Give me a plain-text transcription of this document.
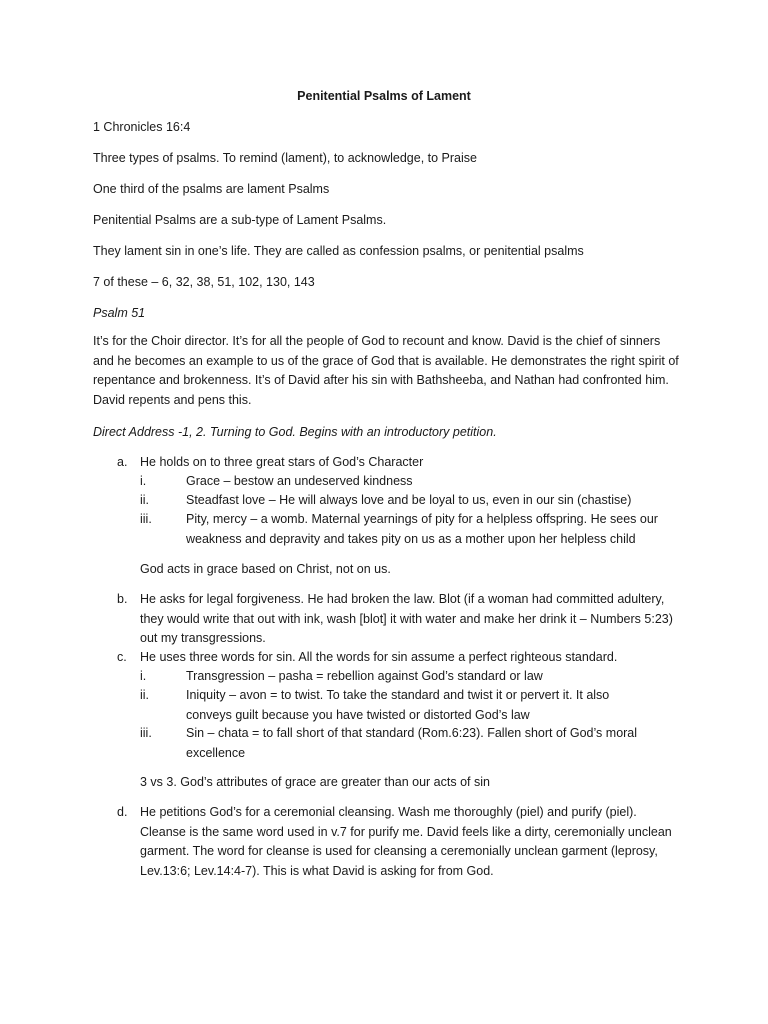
Penitential Psalms of Lament
1 Chronicles 16:4
Three types of psalms. To remind (lament), to acknowledge, to Praise
One third of the psalms are lament Psalms
Penitential Psalms are a sub-type of Lament Psalms.
They lament sin in one’s life. They are called as confession psalms, or penitential psalms
7 of these – 6, 32, 38, 51, 102, 130, 143
Psalm 51
It’s for the Choir director. It’s for all the people of God to recount and know. David is the chief of sinners and he becomes an example to us of the grace of God that is available. He demonstrates the right spirit of repentance and brokenness. It’s of David after his sin with Bathsheeba, and Nathan had confronted him. David repents and pens this.
Direct Address -1, 2. Turning to God. Begins with an introductory petition.
a. He holds on to three great stars of God’s Character
i.	Grace – bestow an undeserved kindness
ii.	Steadfast love – He will always love and be loyal to us, even in our sin (chastise)
iii.	Pity, mercy – a womb. Maternal yearnings of pity for a helpless offspring. He sees our weakness and depravity and takes pity on us as a mother upon her helpless child
God acts in grace based on Christ, not on us.
b. He asks for legal forgiveness. He had broken the law. Blot (if a woman had committed adultery, they would write that out with ink, wash [blot] it with water and make her drink it – Numbers 5:23) out my transgressions.
c. He uses three words for sin. All the words for sin assume a perfect righteous standard.
i.	Transgression – pasha = rebellion against God’s standard or law
ii.	Iniquity – avon = to twist. To take the standard and twist it or pervert it. It also conveys guilt because you have twisted or distorted God’s law
iii.	Sin – chata = to fall short of that standard (Rom.6:23). Fallen short of God’s moral excellence
3 vs 3. God’s attributes of grace are greater than our acts of sin
d. He petitions God’s for a ceremonial cleansing. Wash me thoroughly (piel) and purify (piel). Cleanse is the same word used in v.7 for purify me. David feels like a dirty, ceremonially unclean garment. The word for cleanse is used for cleansing a ceremonially unclean garment (leprosy, Lev.13:6; Lev.14:4-7). This is what David is asking for from God.
